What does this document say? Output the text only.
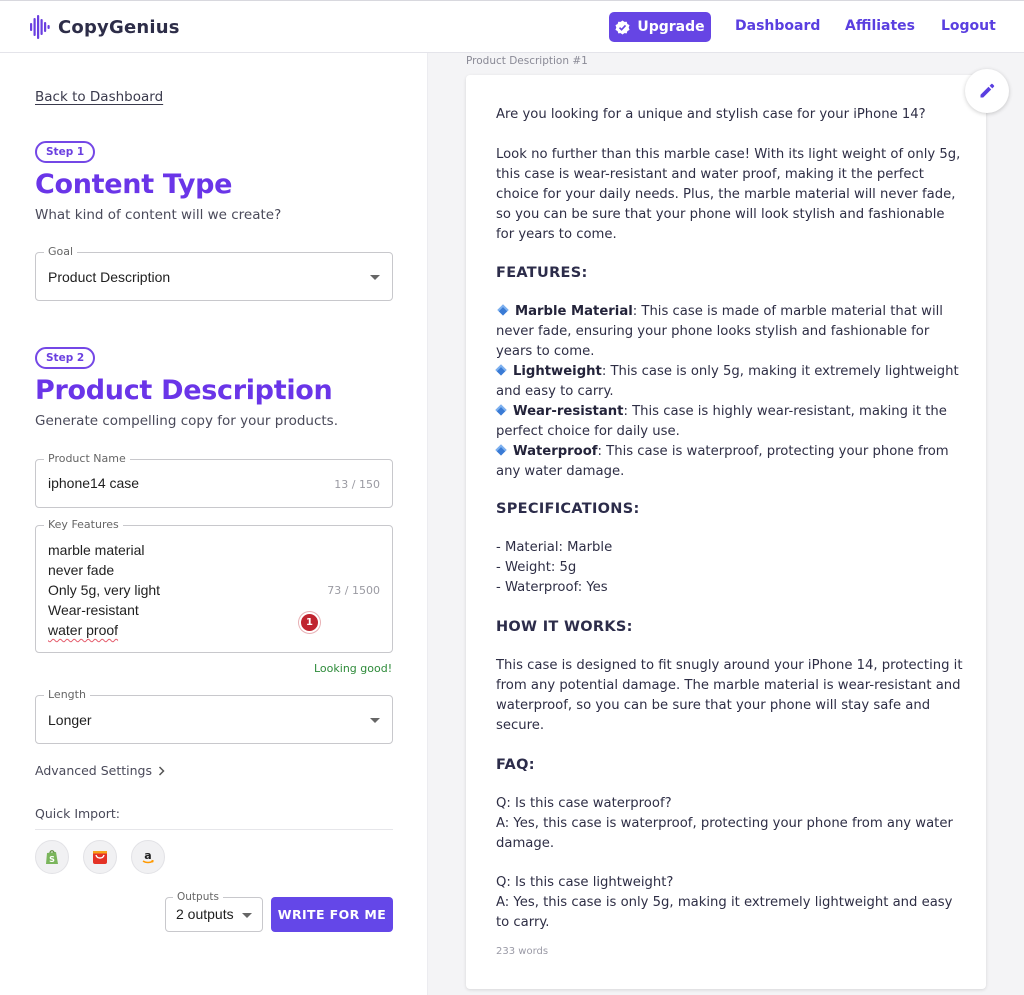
CopyGenius	Upgrade Dashboard Affiliates Logout
Back to Dashboard
Step 1
Content Type
What kind of content will we create?
Goal
Product Description
Step 2
Product Description
Generate compelling copy for your products.
Product Name
iphone14 case	13 / 150
Key Features
marble material
never fade
Only 5g, very light
Wear-resistant
water proof
73 / 1500
1
Looking good!
Length
Longer
Advanced Settings
Quick Import:
S	a
Outputs
2 outputs	WRITE FOR ME
Product Description #1
Are you looking for a unique and stylish case for your iPhone 14?
Look no further than this marble case! With its light weight of only 5g, this case is wear-resistant and water proof, making it the perfect choice for your daily needs. Plus, the marble material will never fade, so you can be sure that your phone will look stylish and fashionable for years to come.
FEATURES:
Marble Material: This case is made of marble material that will never fade, ensuring your phone looks stylish and fashionable for years to come.
Lightweight: This case is only 5g, making it extremely lightweight and easy to carry.
Wear-resistant: This case is highly wear-resistant, making it the perfect choice for daily use.
Waterproof: This case is waterproof, protecting your phone from any water damage.
SPECIFICATIONS:
- Material: Marble
- Weight: 5g
- Waterproof: Yes
HOW IT WORKS:
This case is designed to fit snugly around your iPhone 14, protecting it from any potential damage. The marble material is wear-resistant and waterproof, so you can be sure that your phone will stay safe and secure.
FAQ:
Q: Is this case waterproof?
A: Yes, this case is waterproof, protecting your phone from any water damage.
Q: Is this case lightweight?
A: Yes, this case is only 5g, making it extremely lightweight and easy to carry.
233 words
